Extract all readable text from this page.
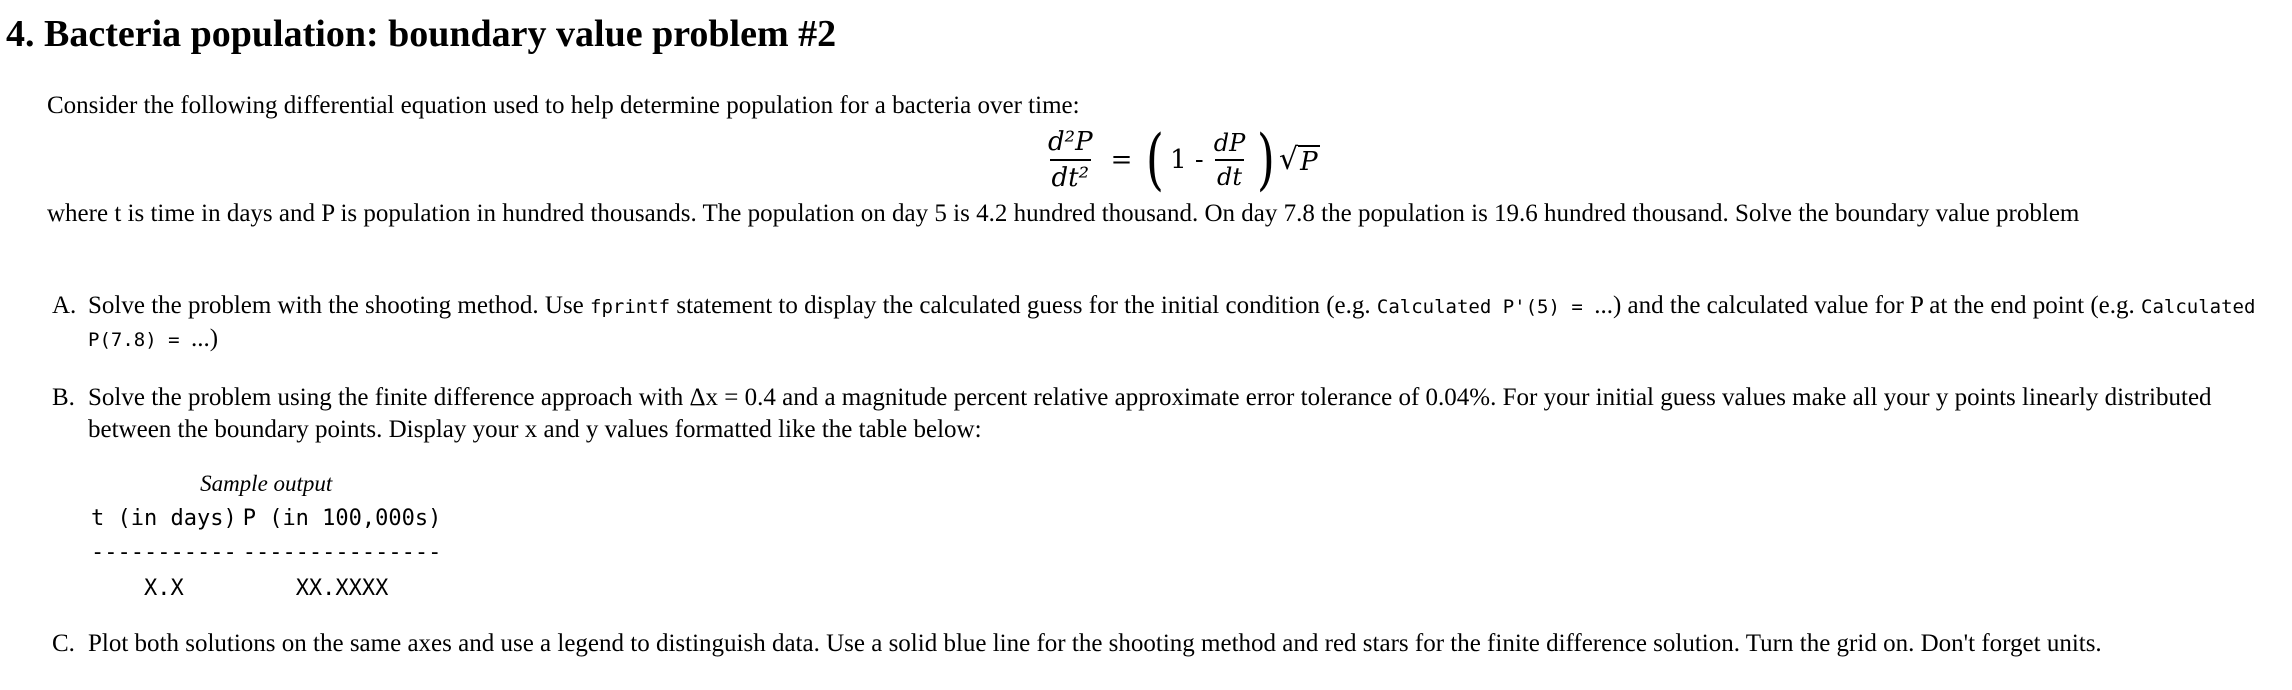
4. Bacteria population: boundary value problem #2

Consider the following differential equation used to help determine population for a bacteria over time:

$\frac{\text{d²P}}{\text{dt²}}$ = ( $1 - \frac{dP}{dt}$ ) √ P

where t is time in days and P is population in hundred thousands. The population on day 5 is 4.2 hundred thousand. On day 7.8 the population is 19.6 hundred thousand. Solve the boundary value problem

A. Solve the problem with the shooting method. Use fprintf statement to display the calculated guess for the initial condition (e.g. Calculated P'(5) = ...) and the calculated value for P at the end point (e.g. Calculated P(7.8) = ...)
B. Solve the problem using the finite difference approach with Δx = 0.4 and a magnitude percent relative approximate error tolerance of 0.04%. For your initial guess values make all your y points linearly distributed between the boundary points. Display your x and y values formatted like the table below:
Sample output
t (in days)	P (in 100,000s)
-----------	---------------
X.X	XX.XXXX
C. Plot both solutions on the same axes and use a legend to distinguish data. Use a solid blue line for the shooting method and red stars for the finite difference solution. Turn the grid on. Don't forget units.
